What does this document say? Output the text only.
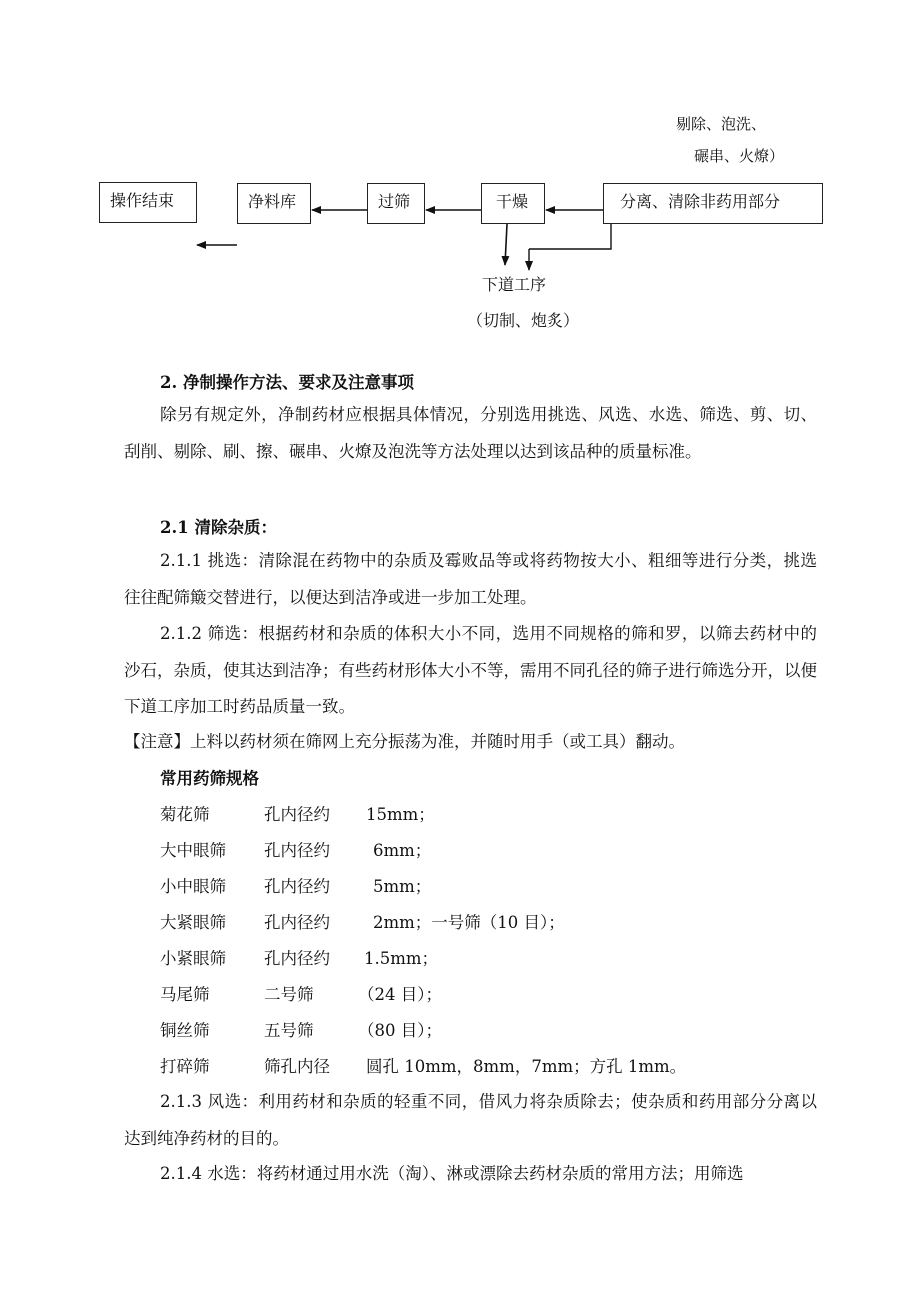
剔除、泡洗、
碾串、火燎）
操作结束	净料库	过筛	干燥	分离、清除非药用部分
下道工序
（切制、炮炙）
2. 净制操作方法、要求及注意事项
除另有规定外，净制药材应根据具体情况，分别选用挑选、风选、水选、筛选、剪、切、刮削、剔除、刷、擦、碾串、火燎及泡洗等方法处理以达到该品种的质量标准。
2.1 清除杂质：
2.1.1 挑选：清除混在药物中的杂质及霉败品等或将药物按大小、粗细等进行分类，挑选往往配筛簸交替进行，以便达到洁净或进一步加工处理。
2.1.2 筛选：根据药材和杂质的体积大小不同，选用不同规格的筛和罗，以筛去药材中的沙石，杂质，使其达到洁净；有些药材形体大小不等，需用不同孔径的筛子进行筛选分开，以便下道工序加工时药品质量一致。
【注意】上料以药材须在筛网上充分振荡为准，并随时用手（或工具）翻动。
常用药筛规格
菊花筛	孔内径约 15mm；
大中眼筛 孔内径约	6mm；
小中眼筛 孔内径约	5mm；
大紧眼筛 孔内径约	2mm；一号筛（10 目）；
小紧眼筛 孔内径约 1.5mm；
马尾筛	二号筛	（24 目）；
铜丝筛	五号筛	（80 目）；
打碎筛	筛孔内径 圆孔 10mm，8mm，7mm；方孔 1mm。
2.1.3 风选：利用药材和杂质的轻重不同，借风力将杂质除去；使杂质和药用部分分离以达到纯净药材的目的。
2.1.4 水选：将药材通过用水洗（淘）、淋或漂除去药材杂质的常用方法；用筛选
